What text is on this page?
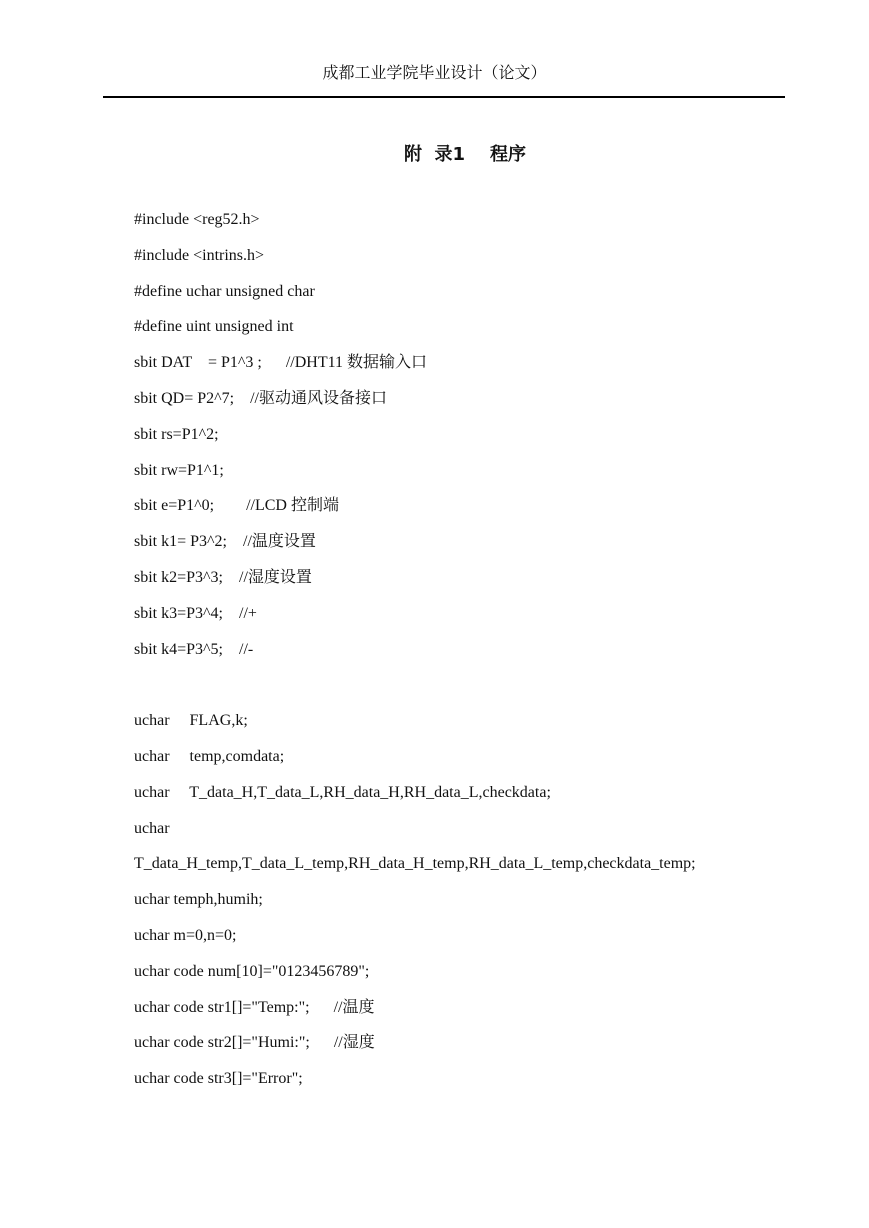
成都工业学院毕业设计（论文）
附  录1    程序
#include <reg52.h>
#include <intrins.h>
#define uchar unsigned char
#define uint unsigned int
sbit DAT    = P1^3 ;      //DHT11 数据输入口
sbit QD= P2^7;    //驱动通风设备接口
sbit rs=P1^2;
sbit rw=P1^1;
sbit e=P1^0;        //LCD 控制端
sbit k1= P3^2;    //温度设置
sbit k2=P3^3;    //湿度设置
sbit k3=P3^4;    //+
sbit k4=P3^5;    //-
uchar     FLAG,k;
uchar     temp,comdata;
uchar     T_data_H,T_data_L,RH_data_H,RH_data_L,checkdata;
uchar
T_data_H_temp,T_data_L_temp,RH_data_H_temp,RH_data_L_temp,checkdata_temp;
uchar temph,humih;
uchar m=0,n=0;
uchar code num[10]="0123456789";
uchar code str1[]="Temp:";      //温度
uchar code str2[]="Humi:";      //湿度
uchar code str3[]="Error";
